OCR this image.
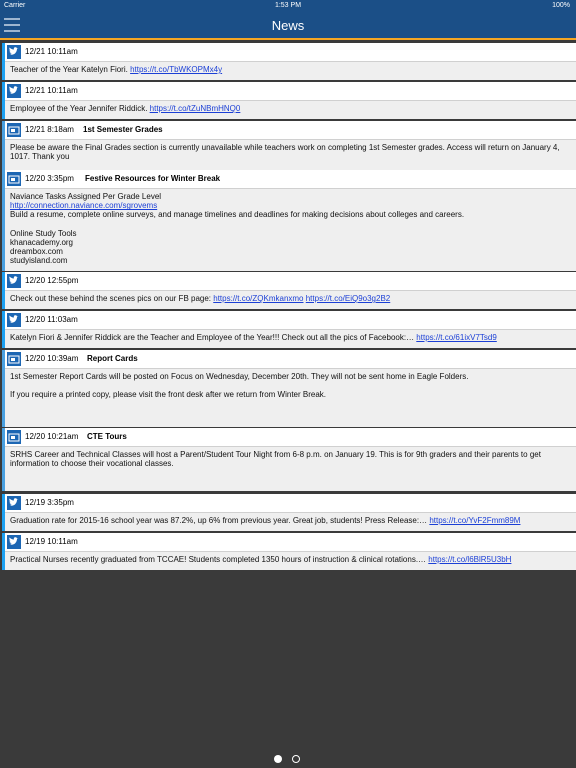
Carrier	1:53 PM	100%
News
12/21 10:11am
Teacher of the Year Katelyn Fiori. https://t.co/TbWKOPMx4y
12/21 10:11am
Employee of the Year Jennifer Riddick. https://t.co/tZuNBmHNQ0
12/21 8:18am 1st Semester Grades
Please be aware the Final Grades section is currently unavailable while teachers work on completing 1st Semester grades. Access will return on January 4, 1017. Thank you
12/20 3:35pm Festive Resources for Winter Break
Naviance Tasks Assigned Per Grade Level
http://connection.naviance.com/sgrovems
Build a resume, complete online surveys, and manage timelines and deadlines for making decisions about colleges and careers.
Online Study Tools
khanacademy.org
dreambox.com
studyisland.com
12/20 12:55pm
Check out these behind the scenes pics on our FB page: https://t.co/ZQKmkanxmo https://t.co/EiQ9o3g2B2
12/20 11:03am
Katelyn Fiori & Jennifer Riddick are the Teacher and Employee of the Year!!! Check out all the pics of Facebook:… https://t.co/61ixV7Tsd9
12/20 10:39am Report Cards
1st Semester Report Cards will be posted on Focus on Wednesday, December 20th. They will not be sent home in Eagle Folders.
If you require a printed copy, please visit the front desk after we return from Winter Break.
12/20 10:21am CTE Tours
SRHS Career and Technical Classes will host a Parent/Student Tour Night from 6-8 p.m. on January 19. This is for 9th graders and their parents to get information to choose their vocational classes.
12/19 3:35pm
Graduation rate for 2015-16 school year was 87.2%, up 6% from previous year. Great job, students! Press Release:… https://t.co/YvF2Fmm89M
12/19 10:11am
Practical Nurses recently graduated from TCCAE! Students completed 1350 hours of instruction & clinical rotations.… https://t.co/l6BlR5U3bH
